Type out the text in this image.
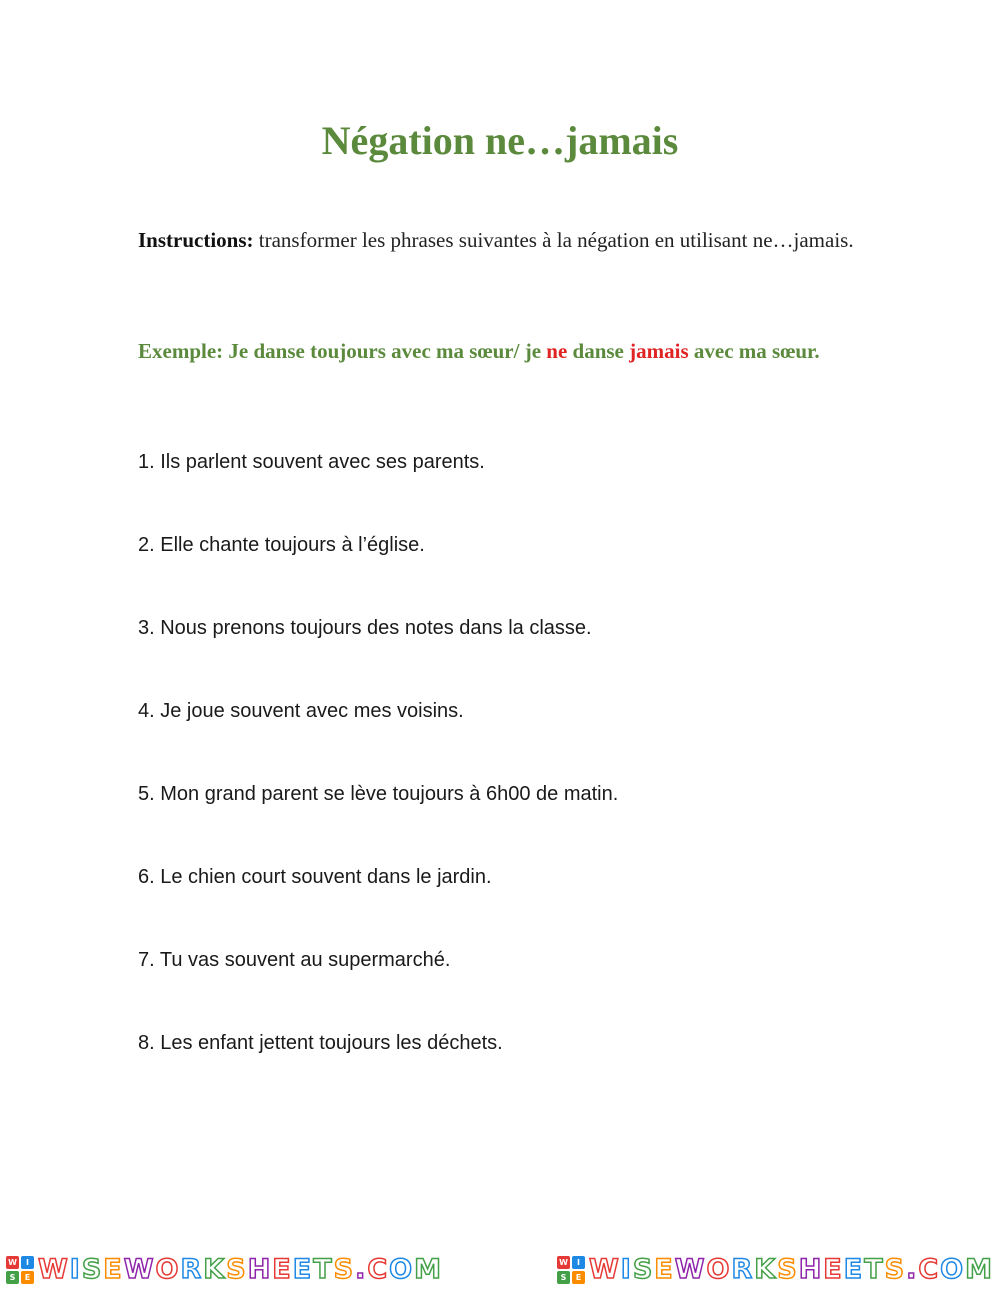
Négation ne…jamais

Instructions: transformer les phrases suivantes à la négation en utilisant ne…jamais.

Exemple: Je danse toujours avec ma sœur/ je ne danse jamais avec ma sœur.

1. Ils parlent souvent avec ses parents.
2. Elle chante toujours à l’église.
3. Nous prenons toujours des notes dans la classe.
4. Je joue souvent avec mes voisins.
5. Mon grand parent se lève toujours à 6h00 de matin.
6. Le chien court souvent dans le jardin.
7. Tu vas souvent au supermarché.
8. Les enfant jettent toujours les déchets.
W	I
S	E WISEWORKSHEETS.COM	W	I
S	E WISEWORKSHEETS.COM
